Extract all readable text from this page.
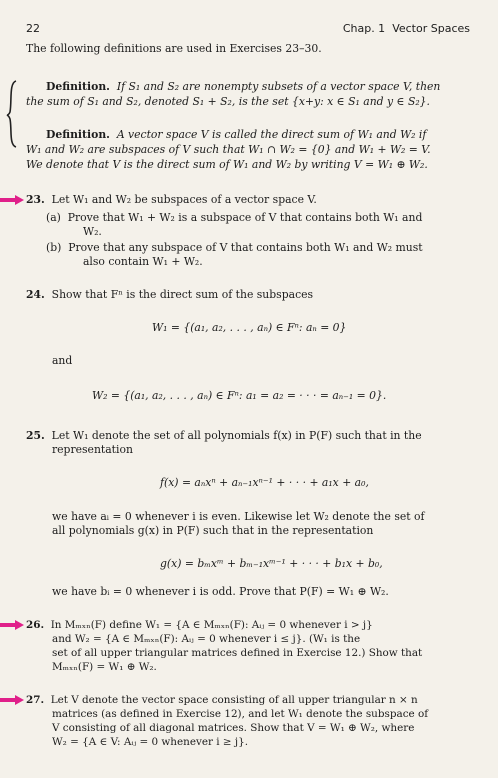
22	Chap. 1 Vector Spaces
The following definitions are used in Exercises 23–30.
Definition. If S₁ and S₂ are nonempty subsets of a vector space V, then
the sum of S₁ and S₂, denoted S₁ + S₂, is the set {x+y: x ∈ S₁ and y ∈ S₂}.
Definition. A vector space V is called the direct sum of W₁ and W₂ if
W₁ and W₂ are subspaces of V such that W₁ ∩ W₂ = {0} and W₁ + W₂ = V.
We denote that V is the direct sum of W₁ and W₂ by writing V = W₁ ⊕ W₂.
23. Let W₁ and W₂ be subspaces of a vector space V.
(a) Prove that W₁ + W₂ is a subspace of V that contains both W₁ and
W₂.
(b) Prove that any subspace of V that contains both W₁ and W₂ must
also contain W₁ + W₂.
24. Show that Fⁿ is the direct sum of the subspaces
W₁ = {(a₁, a₂, . . . , aₙ) ∈ Fⁿ: aₙ = 0}
and
W₂ = {(a₁, a₂, . . . , aₙ) ∈ Fⁿ: a₁ = a₂ = · · · = aₙ₋₁ = 0}.
25. Let W₁ denote the set of all polynomials f(x) in P(F) such that in the
representation
f(x) = aₙxⁿ + aₙ₋₁xⁿ⁻¹ + · · · + a₁x + a₀,
we have aᵢ = 0 whenever i is even. Likewise let W₂ denote the set of
all polynomials g(x) in P(F) such that in the representation
g(x) = bₘxᵐ + bₘ₋₁xᵐ⁻¹ + · · · + b₁x + b₀,
we have bᵢ = 0 whenever i is odd. Prove that P(F) = W₁ ⊕ W₂.
26. In Mₘₓₙ(F) define W₁ = {A ∈ Mₘₓₙ(F): Aᵢⱼ = 0 whenever i > j}
and W₂ = {A ∈ Mₘₓₙ(F): Aᵢⱼ = 0 whenever i ≤ j}. (W₁ is the
set of all upper triangular matrices defined in Exercise 12.) Show that
Mₘₓₙ(F) = W₁ ⊕ W₂.
27. Let V denote the vector space consisting of all upper triangular n × n
matrices (as defined in Exercise 12), and let W₁ denote the subspace of
V consisting of all diagonal matrices. Show that V = W₁ ⊕ W₂, where
W₂ = {A ∈ V: Aᵢⱼ = 0 whenever i ≥ j}.
